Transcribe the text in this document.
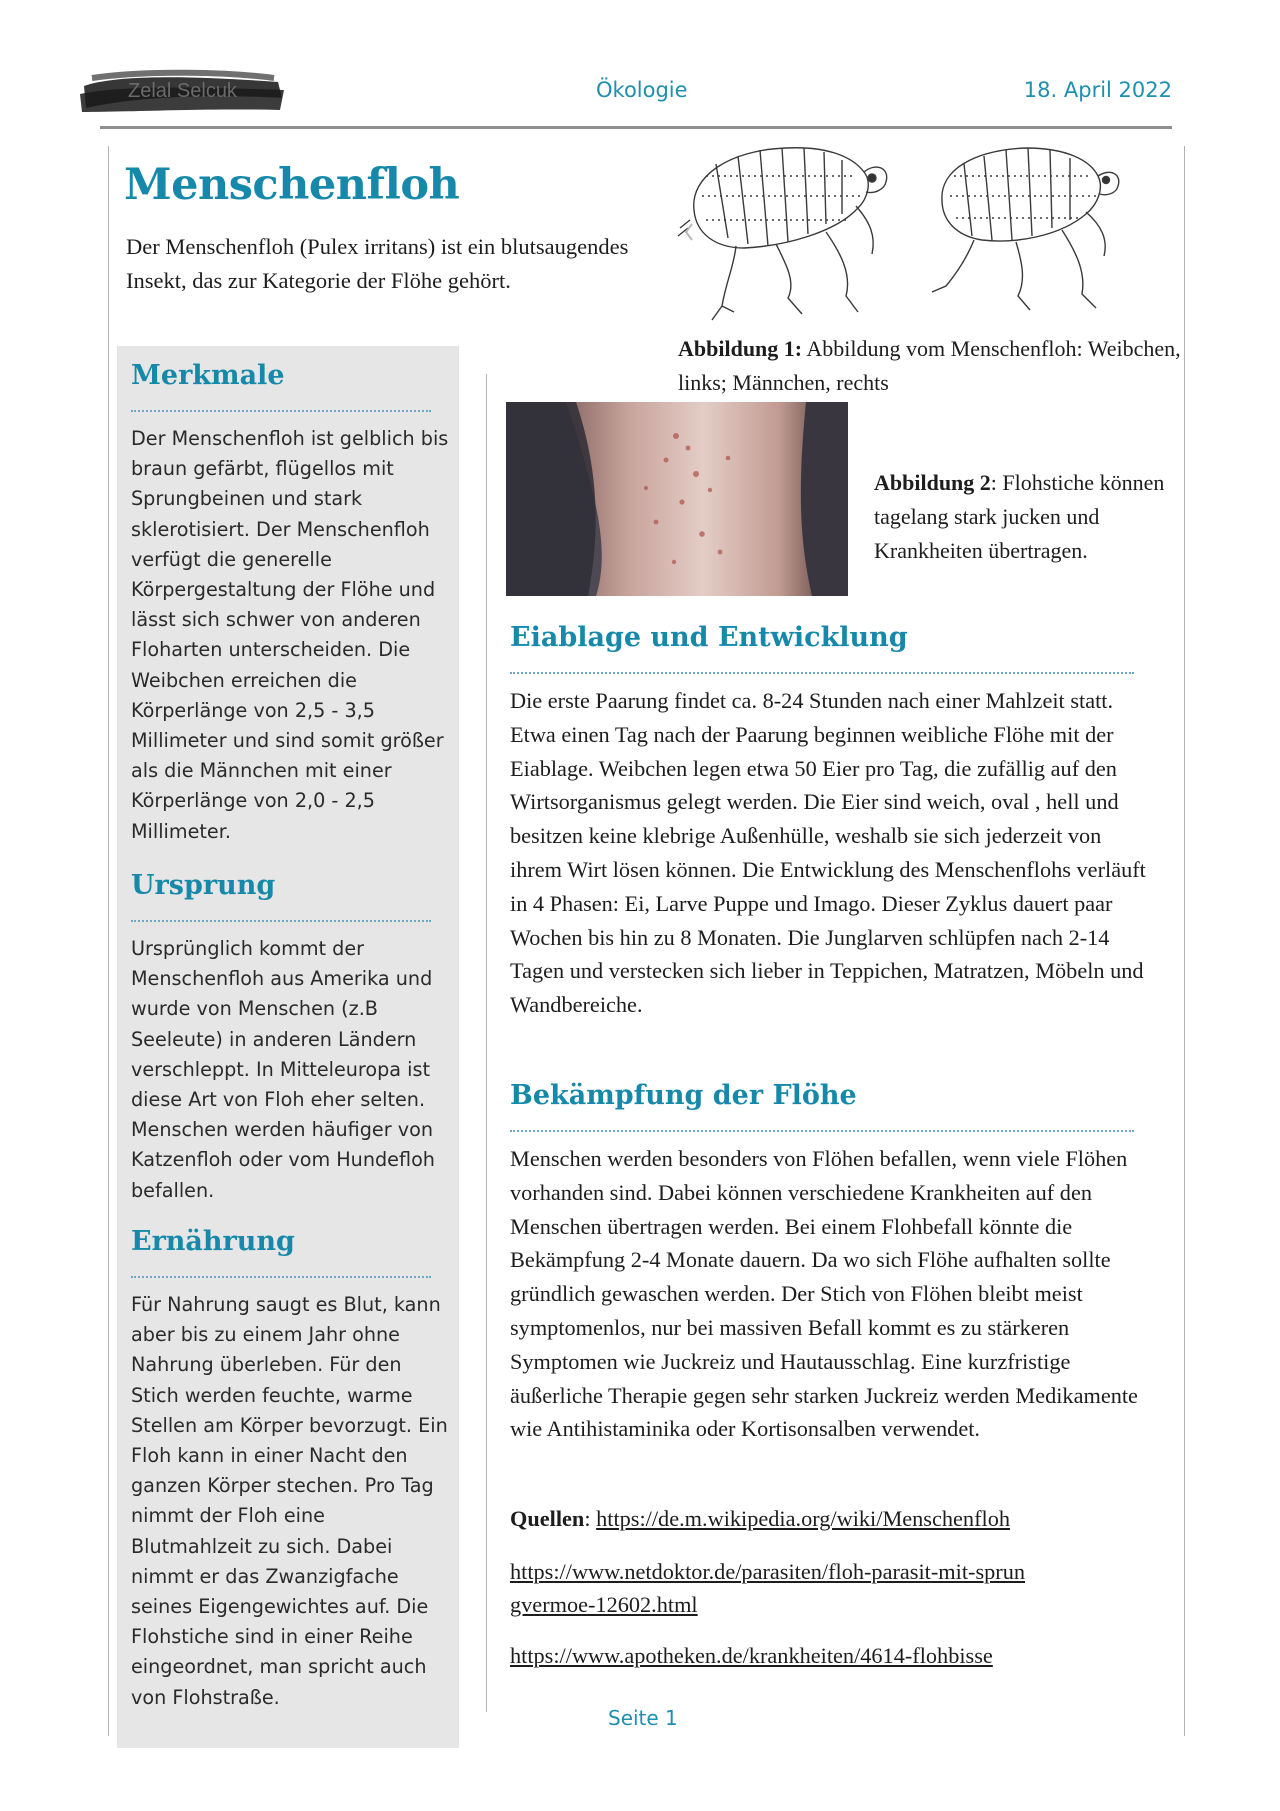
Zelal Selcuk	Ökologie	18. April 2022
Menschenfloh
Der Menschenfloh (Pulex irritans) ist ein blutsaugendes Insekt, das zur Kategorie der Flöhe gehört.
Merkmale
Der Menschenfloh ist gelblich bis braun gefärbt, flügellos mit Sprungbeinen und stark sklerotisiert. Der Menschenfloh verfügt die generelle Körpergestaltung der Flöhe und lässt sich schwer von anderen Floharten unterscheiden. Die Weibchen erreichen die Körperlänge von 2,5 - 3,5 Millimeter und sind somit größer als die Männchen mit einer Körperlänge von 2,0 - 2,5 Millimeter.
Ursprung
Ursprünglich kommt der Menschenfloh aus Amerika und wurde von Menschen (z.B Seeleute) in anderen Ländern verschleppt. In Mitteleuropa ist diese Art von Floh eher selten. Menschen werden häufiger von Katzenfloh oder vom Hundefloh befallen.
Ernährung
Für Nahrung saugt es Blut, kann aber bis zu einem Jahr ohne Nahrung überleben. Für den Stich werden feuchte, warme Stellen am Körper bevorzugt. Ein Floh kann in einer Nacht den ganzen Körper stechen. Pro Tag nimmt der Floh eine Blutmahlzeit zu sich. Dabei nimmt er das Zwanzigfache seines Eigengewichtes auf. Die Flohstiche sind in einer Reihe eingeordnet, man spricht auch von Flohstraße.
Abbildung 1: Abbildung vom Menschenfloh: Weibchen, links; Männchen, rechts
Abbildung 2: Flohstiche können tagelang stark jucken und Krankheiten übertragen.
Eiablage und Entwicklung
Die erste Paarung findet ca. 8-24 Stunden nach einer Mahlzeit statt. Etwa einen Tag nach der Paarung beginnen weibliche Flöhe mit der Eiablage. Weibchen legen etwa 50 Eier pro Tag, die zufällig auf den Wirtsorganismus gelegt werden. Die Eier sind weich, oval , hell und besitzen keine klebrige Außenhülle, weshalb sie sich jederzeit von ihrem Wirt lösen können. Die Entwicklung des Menschenflohs verläuft in 4 Phasen: Ei, Larve Puppe und Imago. Dieser Zyklus dauert paar Wochen bis hin zu 8 Monaten. Die Junglarven schlüpfen nach 2-14 Tagen und verstecken sich lieber in Teppichen, Matratzen, Möbeln und Wandbereiche.
Bekämpfung der Flöhe
Menschen werden besonders von Flöhen befallen, wenn viele Flöhen vorhanden sind. Dabei können verschiedene Krankheiten auf den Menschen übertragen werden. Bei einem Flohbefall könnte die Bekämpfung 2-4 Monate dauern. Da wo sich Flöhe aufhalten sollte gründlich gewaschen werden. Der Stich von Flöhen bleibt meist symptomenlos, nur bei massiven Befall kommt es zu stärkeren Symptomen wie Juckreiz und Hautausschlag. Eine kurzfristige äußerliche Therapie gegen sehr starken Juckreiz werden Medikamente wie Antihistaminika oder Kortisonsalben verwendet.
Quellen: https://de.m.wikipedia.org/wiki/Menschenfloh
https://www.netdoktor.de/parasiten/floh-parasit-mit-sprungvermoe-12602.html
https://www.apotheken.de/krankheiten/4614-flohbisse
Seite 1
